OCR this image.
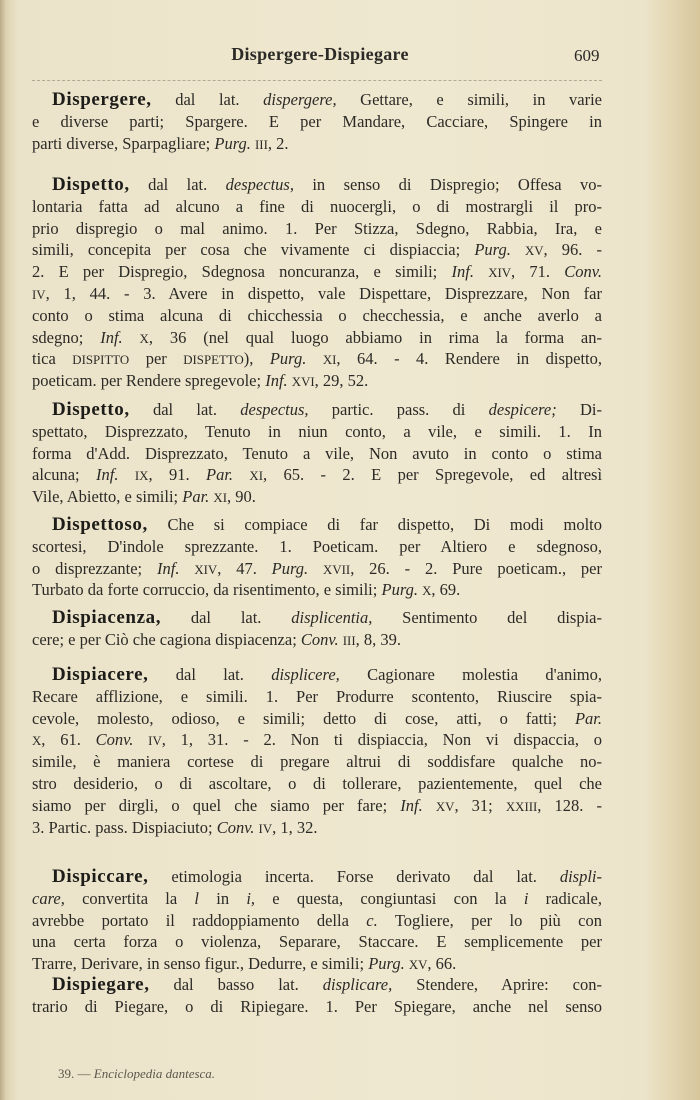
Dispergere-Dispiegare	609
Dispergere, dal lat. dispergere, Gettare, e simili, in varie
e diverse parti; Spargere. E per Mandare, Cacciare, Spingere in
parti diverse, Sparpagliare; Purg. III, 2.
Dispetto, dal lat. despectus, in senso di Dispregio; Offesa vo-
lontaria fatta ad alcuno a fine di nuocergli, o di mostrargli il pro-
prio dispregio o mal animo. 1. Per Stizza, Sdegno, Rabbia, Ira, e
simili, concepita per cosa che vivamente ci dispiaccia; Purg. XV, 96. -
2. E per Dispregio, Sdegnosa noncuranza, e simili; Inf. XIV, 71. Conv.
IV, 1, 44. - 3. Avere in dispetto, vale Dispettare, Disprezzare, Non far
conto o stima alcuna di chicchessia o checchessia, e anche averlo a
sdegno; Inf. X, 36 (nel qual luogo abbiamo in rima la forma an-
tica DISPITTO per DISPETTO), Purg. XI, 64. - 4. Rendere in dispetto,
poeticam. per Rendere spregevole; Inf. XVI, 29, 52.
Dispetto, dal lat. despectus, partic. pass. di despicere; Di-
spettato, Disprezzato, Tenuto in niun conto, a vile, e simili. 1. In
forma d'Add. Disprezzato, Tenuto a vile, Non avuto in conto o stima
alcuna; Inf. IX, 91. Par. XI, 65. - 2. E per Spregevole, ed altresì
Vile, Abietto, e simili; Par. XI, 90.
Dispettoso, Che si compiace di far dispetto, Di modi molto
scortesi, D'indole sprezzante. 1. Poeticam. per Altiero e sdegnoso,
o disprezzante; Inf. XIV, 47. Purg. XVII, 26. - 2. Pure poeticam., per
Turbato da forte corruccio, da risentimento, e simili; Purg. X, 69.
Dispiacenza, dal lat. displicentia, Sentimento del dispia-
cere; e per Ciò che cagiona dispiacenza; Conv. III, 8, 39.
Dispiacere, dal lat. displicere, Cagionare molestia d'animo,
Recare afflizione, e simili. 1. Per Produrre scontento, Riuscire spia-
cevole, molesto, odioso, e simili; detto di cose, atti, o fatti; Par.
X, 61. Conv. IV, 1, 31. - 2. Non ti dispiaccia, Non vi dispaccia, o
simile, è maniera cortese di pregare altrui di soddisfare qualche no-
stro desiderio, o di ascoltare, o di tollerare, pazientemente, quel che
siamo per dirgli, o quel che siamo per fare; Inf. XV, 31; XXIII, 128. -
3. Partic. pass. Dispiaciuto; Conv. IV, 1, 32.
Dispiccare, etimologia incerta. Forse derivato dal lat. displi-
care, convertita la l in i, e questa, congiuntasi con la i radicale,
avrebbe portato il raddoppiamento della c. Togliere, per lo più con
una certa forza o violenza, Separare, Staccare. E semplicemente per
Trarre, Derivare, in senso figur., Dedurre, e simili; Purg. XV, 66.
Dispiegare, dal basso lat. displicare, Stendere, Aprire: con-
trario di Piegare, o di Ripiegare. 1. Per Spiegare, anche nel senso
39. — Enciclopedia dantesca.
